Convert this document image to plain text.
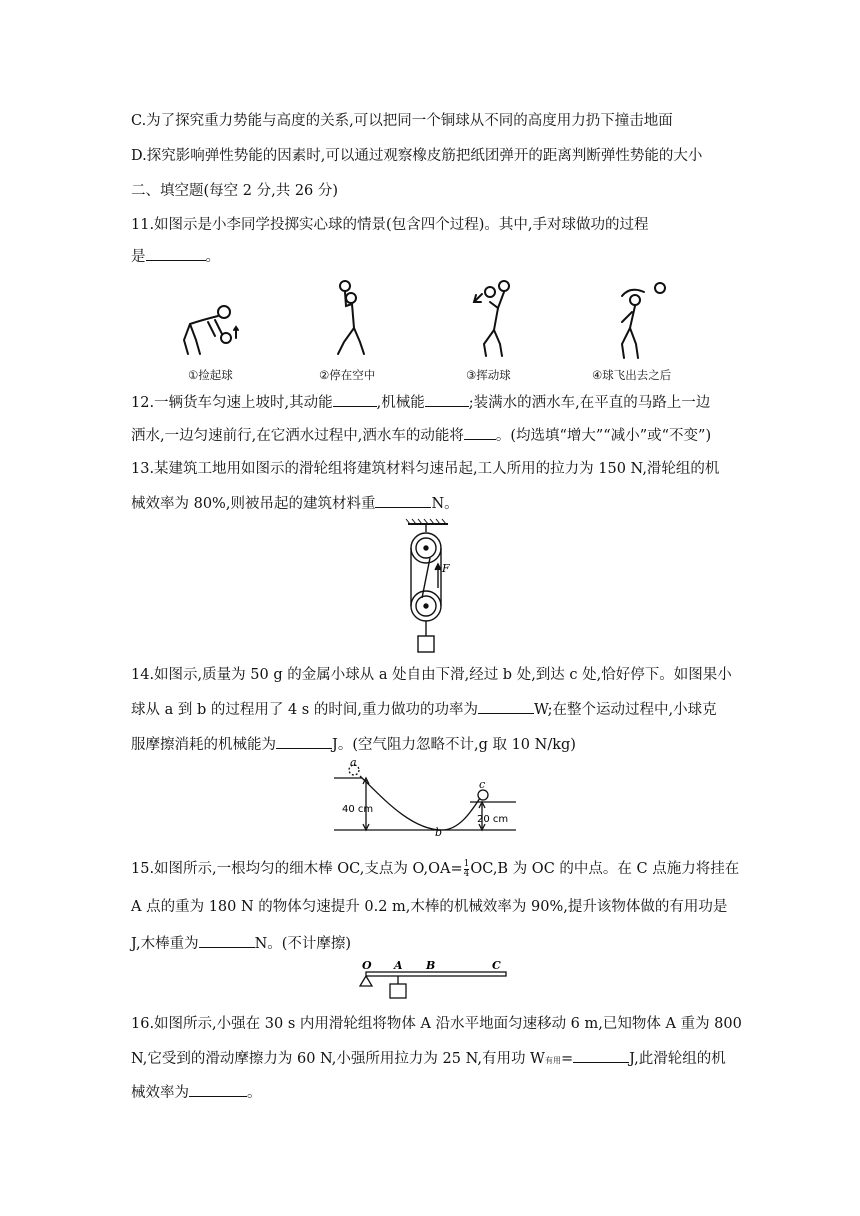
C.为了探究重力势能与高度的关系,可以把同一个铜球从不同的高度用力扔下撞击地面
D.探究影响弹性势能的因素时,可以通过观察橡皮筋把纸团弹开的距离判断弹性势能的大小
二、填空题(每空 2 分,共 26 分)
11.如图示是小李同学投掷实心球的情景(包含四个过程)。其中,手对球做功的过程
是	。
①捡起球	②停在空中	③挥动球	④球飞出去之后
12.一辆货车匀速上坡时,其动能	,机械能	;装满水的洒水车,在平直的马路上一边
洒水,一边匀速前行,在它洒水过程中,洒水车的动能将 。(均选填“增大”“减小”或“不变”)
13.某建筑工地用如图示的滑轮组将建筑材料匀速吊起,工人所用的拉力为 150 N,滑轮组的机
械效率为 80%,则被吊起的建筑材料重	N。
F
14.如图示,质量为 50 g 的金属小球从 a 处自由下滑,经过 b 处,到达 c 处,恰好停下。如图果小
球从 a 到 b 的过程用了 4 s 的时间,重力做功的功率为	W;在整个运动过程中,小球克
服摩擦消耗的机械能为	J。(空气阻力忽略不计,g 取 10 N/kg)
a
b
c
40 cm
20 cm
15.如图所示,一根均匀的细木棒 OC,支点为 $O,OA= \frac{1}{4} OC,B$ 为 OC 的中点。在 C 点施力将挂在
A 点的重为 180 N 的物体匀速提升 0.2 m,木棒的机械效率为 90%,提升该物体做的有用功是
J,木棒重为	N。(不计摩擦)
O A B	C
16.如图所示,小强在 30 s 内用滑轮组将物体 A 沿水平地面匀速移动 6 m,已知物体 A 重为 800
N,它受到的滑动摩擦力为 60 N,小强所用拉力为 25 N,有用功 W有用=	J,此滑轮组的机
械效率为	。
